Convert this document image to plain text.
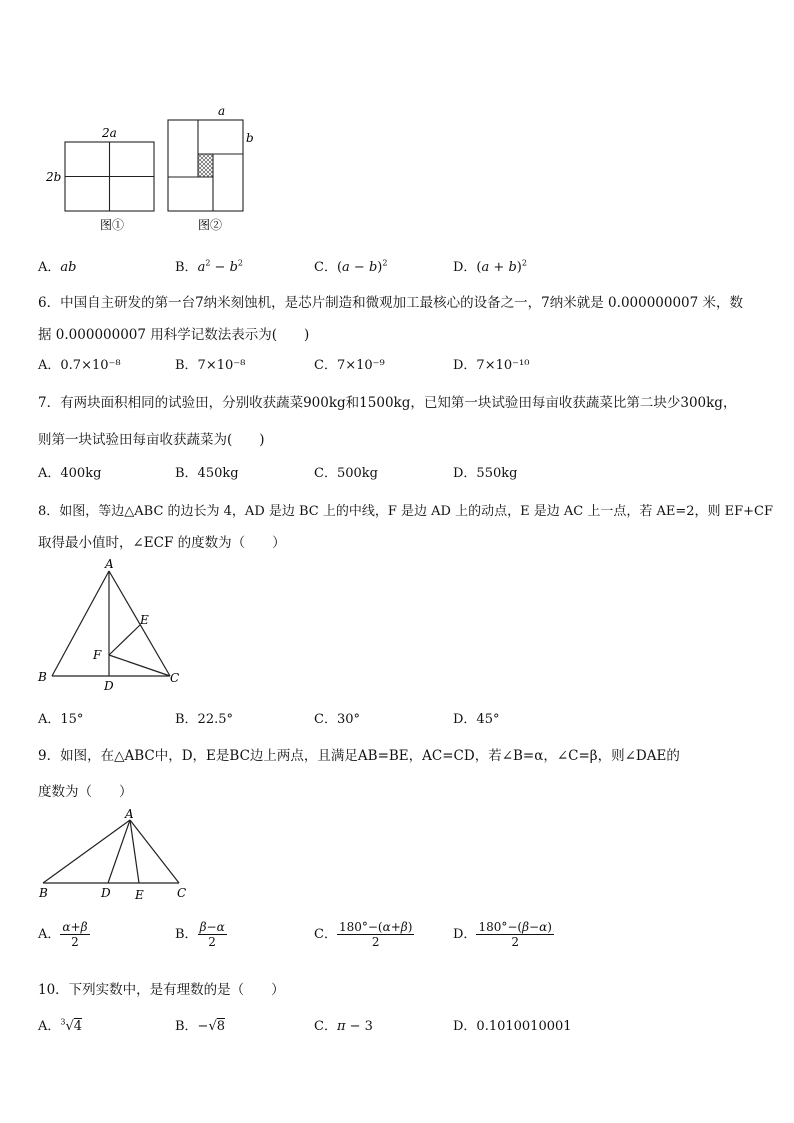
2a
2b
图①
a
b
图②
A．ab	B．$a^2 - b^2$	C．$(a - b)^2$	D．$(a + b)^2$
6．中国自主研发的第一台7纳米刻蚀机，是芯片制造和微观加工最核心的设备之一，7纳米就是 0.000000007 米，数
据 0.000000007 用科学记数法表示为(　　)
A．0.7×10⁻⁸	B．7×10⁻⁸	C．7×10⁻⁹	D．7×10⁻¹⁰
7．有两块面积相同的试验田，分别收获蔬菜900kg和1500kg，已知第一块试验田每亩收获蔬菜比第二块少300kg，
则第一块试验田每亩收获蔬菜为(　　)
A．400kg	B．450kg	C．500kg	D．550kg
8．如图，等边△ABC 的边长为 4，AD 是边 BC 上的中线，F 是边 AD 上的动点，E 是边 AC 上一点，若 AE=2，则 EF+CF
取得最小值时，∠ECF 的度数为（　　）
A
B	C
D
E
F
A．15°	B．22.5°	C．30°	D．45°
9．如图，在△ABC中，D，E是BC边上两点，且满足AB=BE，AC=CD，若∠B=α，∠C=β，则∠DAE的
度数为（　　）
A
B	D E	C
A． $\frac{\alpha+\beta}{2}$	B． $\frac{\beta-\alpha}{2}$	C． $\frac{180^\circ-(\alpha+\beta)}{2}$	D． $\frac{180^\circ-(\beta-\alpha)}{2}$
10．下列实数中，是有理数的是（　　）
A．$^3$√4	B．−√8	C．π − 3	D．0.1010010001
